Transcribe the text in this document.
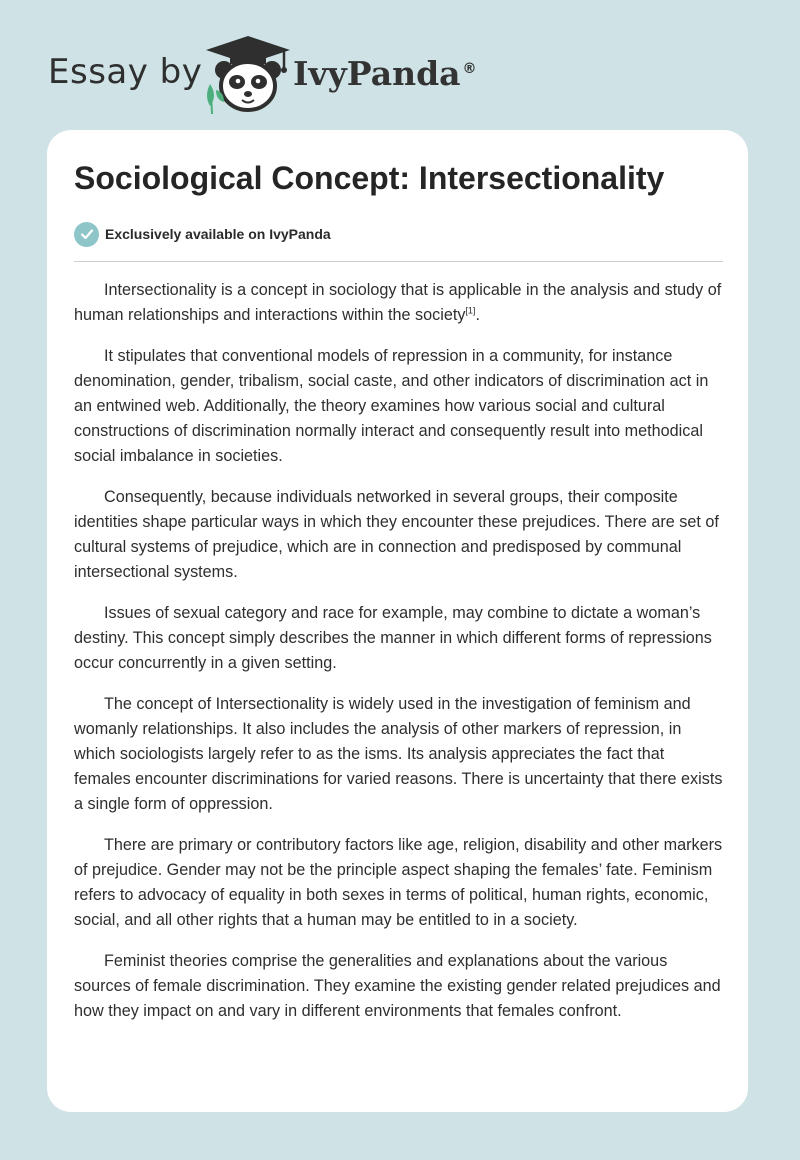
Essay by	IvyPanda ®
Sociological Concept: Intersectionality
Exclusively available on IvyPanda

Intersectionality is a concept in sociology that is applicable in the analysis and study of human relationships and interactions within the society[1].

It stipulates that conventional models of repression in a community, for instance denomination, gender, tribalism, social caste, and other indicators of discrimination act in an entwined web. Additionally, the theory examines how various social and cultural constructions of discrimination normally interact and consequently result into methodical social imbalance in societies.

Consequently, because individuals networked in several groups, their composite identities shape particular ways in which they encounter these prejudices. There are set of cultural systems of prejudice, which are in connection and predisposed by communal intersectional systems.

Issues of sexual category and race for example, may combine to dictate a woman’s destiny. This concept simply describes the manner in which different forms of repressions occur concurrently in a given setting.

The concept of Intersectionality is widely used in the investigation of feminism and womanly relationships. It also includes the analysis of other markers of repression, in which sociologists largely refer to as the isms. Its analysis appreciates the fact that females encounter discriminations for varied reasons. There is uncertainty that there exists a single form of oppression.

There are primary or contributory factors like age, religion, disability and other markers of prejudice. Gender may not be the principle aspect shaping the females’ fate. Feminism refers to advocacy of equality in both sexes in terms of political, human rights, economic, social, and all other rights that a human may be entitled to in a society.

Feminist theories comprise the generalities and explanations about the various sources of female discrimination. They examine the existing gender related prejudices and how they impact on and vary in different environments that females confront.
